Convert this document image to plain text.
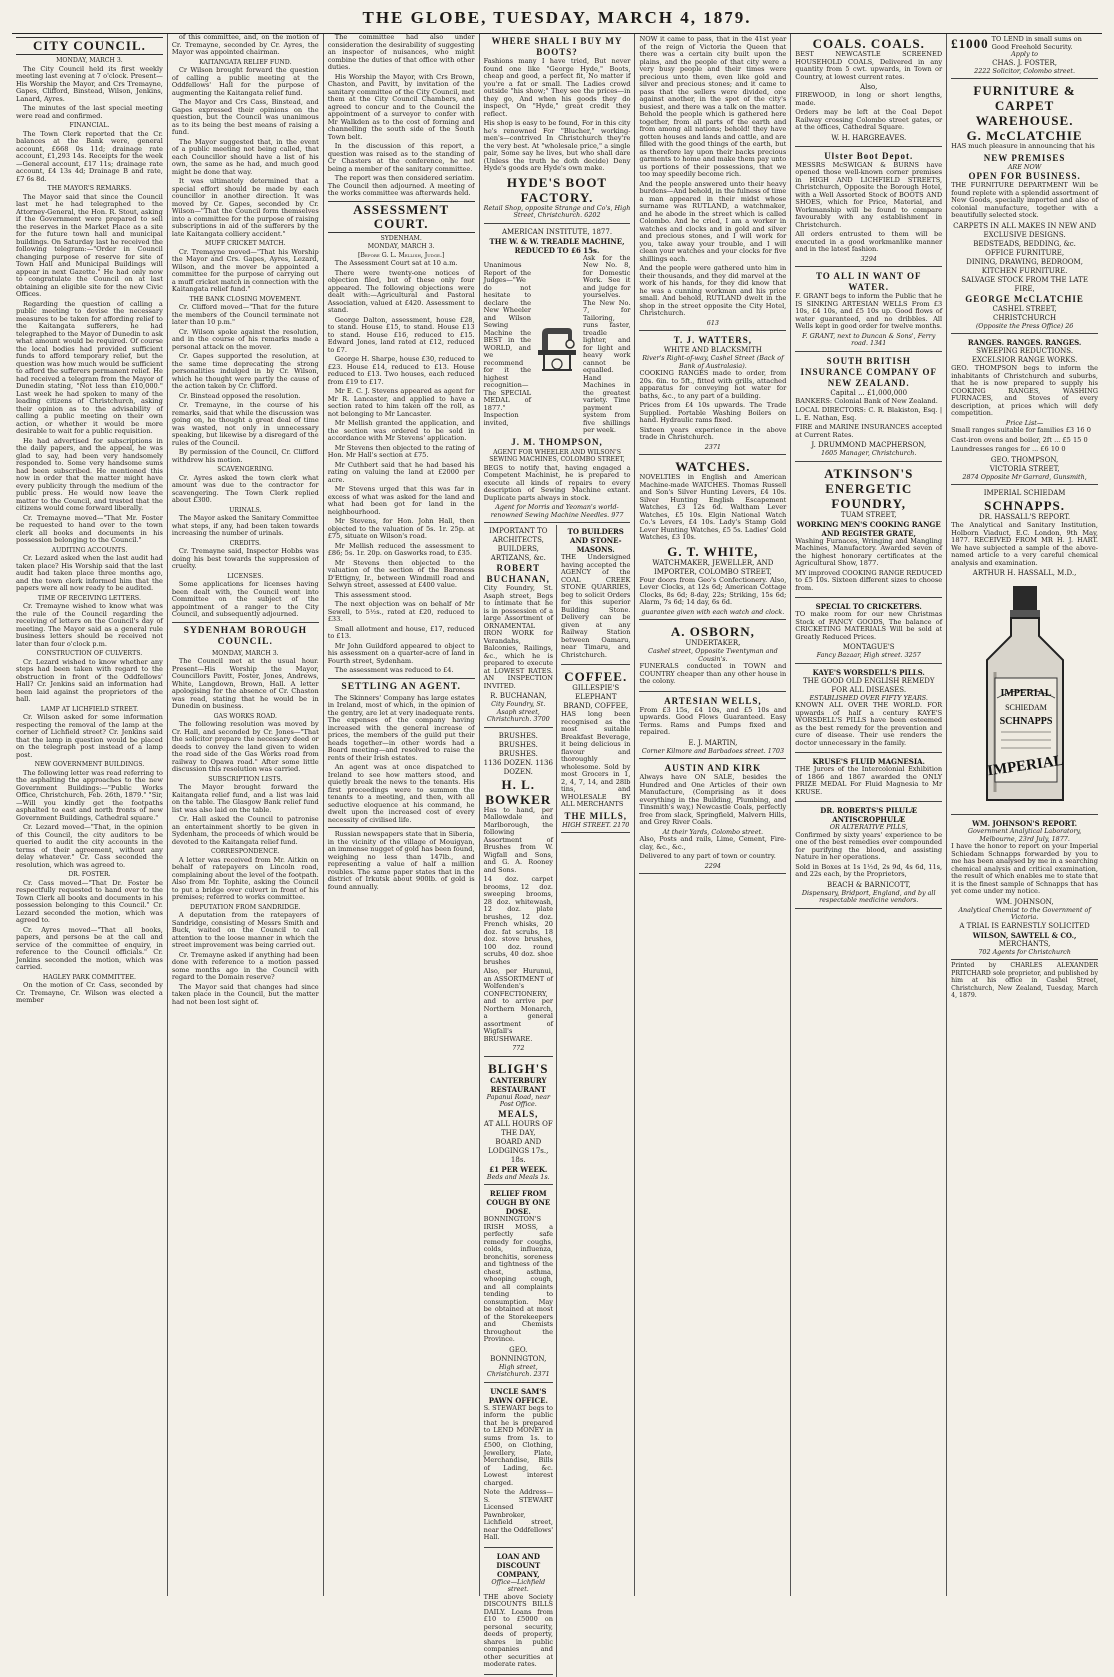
THE GLOBE, TUESDAY, MARCH 4, 1879.
CITY COUNCIL.
MONDAY, MARCH 3.

The City Council held its first weekly meeting last evening at 7 o'clock. Present—His Worship the Mayor, and Crs Tremayne, Gapes, Clifford, Binstead, Wilson, Jenkins, Lanard, Ayres.

The minutes of the last special meeting were read and confirmed.

FINANCIAL.

The Town Clerk reported that the Cr. balances at the Bank were, general account, £668 0s 11d; drainage rate account, £1,293 14s. Receipts for the week—General account, £17 11s; drainage rate account, £4 13s 4d; Drainage B and rate, £7 6s 8d.

THE MAYOR'S REMARKS.

The Mayor said that since the Council last met he had telegraphed to the Attorney-General, the Hon. R. Stout, asking if the Government were prepared to sell the reserves in the Market Place as a site for the future town hall and municipal buildings. On Saturday last he received the following telegram:—"Order in Council changing purpose of reserve for site of Town Hall and Municipal Buildings will appear in next Gazette." He had only now to congratulate the Council on at last obtaining an eligible site for the new Civic Offices.

Regarding the question of calling a public meeting to devise the necessary measures to be taken for affording relief to the Kaitangata sufferers, he had telegraphed to the Mayor of Dunedin to ask what amount would be required. Of course the local bodies had provided sufficient funds to afford temporary relief, but the question was how much would be sufficient to afford the sufferers permanent relief. He had received a telegram from the Mayor of Dunedin stating, "Not less than £10,000." Last week he had spoken to many of the leading citizens of Christchurch, asking their opinion as to the advisability of calling a public meeting on their own action, or whether it would be more desirable to wait for a public requisition.

He had advertised for subscriptions in the daily papers, and the appeal, he was glad to say, had been very handsomely responded to. Some very handsome sums had been subscribed. He mentioned this now in order that the matter might have every publicity through the medium of the public press. He would now leave the matter to the Council, and trusted that the citizens would come forward liberally.

Cr. Tremayne moved—"That Mr. Foster be requested to hand over to the town clerk all books and documents in his possession belonging to the Council."

AUDITING ACCOUNTS.

Cr. Lezard asked when the last audit had taken place? His Worship said that the last audit had taken place three months ago, and the town clerk informed him that the papers were all now ready to be audited.

TIME OF RECEIVING LETTERS.

Cr. Tremayne wished to know what was the rule of the Council regarding the receiving of letters on the Council's day of meeting. The Mayor said as a general rule business letters should be received not later than four o'clock p.m.

CONSTRUCTION OF CULVERTS.

Cr. Lezard wished to know whether any steps had been taken with regard to the obstruction in front of the Oddfellows' Hall? Cr. Jenkins said an information had been laid against the proprietors of the hall.

LAMP AT LICHFIELD STREET.

Cr. Wilson asked for some information respecting the removal of the lamp at the corner of Lichfield street? Cr. Jenkins said that the lamp in question would be placed on the telegraph post instead of a lamp post.

NEW GOVERNMENT BUILDINGS.

The following letter was read referring to the asphalting the approaches to the new Government Buildings:—"Public Works Office, Christchurch, Feb. 26th, 1879." "Sir,—Will you kindly get the footpaths asphalted to east and north fronts of new Government Buildings, Cathedral square."

Cr. Lezard moved—"That, in the opinion of this Council, the city auditors to be queried to audit the city accounts in the terms of their agreement, without any delay whatever." Cr. Cass seconded the resolution, which was agreed to.

DR. FOSTER.

Cr. Cass moved—"That Dr. Foster be respectfully requested to hand over to the Town Clerk all books and documents in his possession belonging to this Council." Cr. Lezard seconded the motion, which was agreed to.

Cr. Ayres moved—"That all books, papers, and persons be at the call and service of the committee of enquiry, in reference to the Council officials." Cr. Jenkins seconded the motion, which was carried.

HAGLEY PARK COMMITTEE.

On the motion of Cr. Cass, seconded by Cr. Tremayne, Cr. Wilson was elected a member

of this committee, and, on the motion of Cr. Tremayne, seconded by Cr. Ayres, the Mayor was appointed chairman.

KAITANGATA RELIEF FUND.

Cr Wilson brought forward the question of calling a public meeting at the Oddfellows' Hall for the purpose of augmenting the Kaitangata relief fund.

The Mayor and Crs Cass, Binstead, and Gapes expressed their opinions on the question, but the Council was unanimous as to its being the best means of raising a fund.

The Mayor suggested that, in the event of a public meeting not being called, that each Councillor should have a list of his own, the same as he had, and much good might be done that way.

It was ultimately determined that a special effort should be made by each councillor in another direction. It was moved by Cr. Gapes, seconded by Cr. Wilson—"That the Council form themselves into a committee for the purpose of raising subscriptions in aid of the sufferers by the late Kaitangata colliery accident."

MUFF CRICKET MATCH.

Cr. Tremayne moved—"That his Worship the Mayor and Crs. Gapes, Ayres, Lezard, Wilson, and the mover be appointed a committee for the purpose of carrying out a muff cricket match in connection with the Kaitangata relief fund."

THE BANK CLOSING MOVEMENT.

Cr. Clifford moved—"That for the future the members of the Council terminate not later than 10 p.m."

Cr. Wilson spoke against the resolution, and in the course of his remarks made a personal attack on the mover.

Cr. Gapes supported the resolution, at the same time deprecating the strong personalities indulged in by Cr. Wilson, which he thought were partly the cause of the action taken by Cr. Clifford.

Cr. Binstead opposed the resolution.

Cr. Tremayne, in the course of his remarks, said that while the discussion was going on, he thought a great deal of time was wasted, not only in unnecessary speaking, but likewise by a disregard of the rules of the Council.

By permission of the Council, Cr. Clifford withdrew his motion.

SCAVENGERING.

Cr. Ayres asked the town clerk what amount was due to the contractor for scavengering. The Town Clerk replied about £300.

URINALS.

The Mayor asked the Sanitary Committee what steps, if any, had been taken towards increasing the number of urinals.

CREDITS.

Cr. Tremayne said, Inspector Hobbs was doing his best towards the suppression of cruelty.

LICENSES.

Some applications for licenses having been dealt with, the Council went into Committee on the subject of the appointment of a ranger to the City Council, and subsequently adjourned.

SYDENHAM BOROUGH COUNCIL.
MONDAY, MARCH 3.

The Council met at the usual hour. Present—His Worship the Mayor, Councillors Pavitt, Foster, Jones, Andrews, White, Langdown, Brown, Hall. A letter apologising for the absence of Cr. Chaston was read, stating that he would be in Dunedin on business.

GAS WORKS ROAD.

The following resolution was moved by Cr. Hall, and seconded by Cr. Jones—"That the solicitor prepare the necessary deed or deeds to convey the land given to widen the road side of the Gas Works road from railway to Opawa road." After some little discussion this resolution was carried.

SUBSCRIPTION LISTS.

The Mayor brought forward the Kaitangata relief fund, and a list was laid on the table. The Glasgow Bank relief fund list was also laid on the table.

Cr. Hall asked the Council to patronise an entertainment shortly to be given in Sydenham, the proceeds of which would be devoted to the Kaitangata relief fund.

CORRESPONDENCE.

A letter was received from Mr. Aitkin on behalf of ratepayers on Lincoln road, complaining about the level of the footpath. Also from Mr. Tophite, asking the Council to put a bridge over culvert in front of his premises; referred to works committee.

DEPUTATION FROM SANDRIDGE.

A deputation from the ratepayers of Sandridge, consisting of Messrs Smith and Buck, waited on the Council to call attention to the loose manner in which the street improvement was being carried out.

Cr. Tremayne asked if anything had been done with reference to a motion passed some months ago in the Council with regard to the Domain reserve?

The Mayor said that changes had since taken place in the Council, but the matter had not been lost sight of.

The committee had also under consideration the desirability of suggesting an inspector of nuisances, who might combine the duties of that office with other duties.

His Worship the Mayor, with Crs Brown, Chaston, and Pavitt, by invitation of the sanitary committee of the City Council, met them at the City Council Chambers, and agreed to concur and to the Council the appointment of a surveyor to confer with Mr Walkden as to the cost of forming and channelling the south side of the South Town belt.

In the discussion of this report, a question was raised as to the standing of Cr Chasters at the conference, he not being a member of the sanitary committee.

The report was then considered seriatim. The Council then adjourned. A meeting of the works committee was afterwards held.

ASSESSMENT COURT.
SYDENHAM.
MONDAY, MARCH 3.
[Before G. L. Mellish, Judge.]

The Assessment Court sat at 10 a.m.

There were twenty-one notices of objection filed, but of these only four appeared. The following objections were dealt with:—Agricultural and Pastoral Association, valued at £420. Assessment to stand.

George Dalton, assessment, house £28, to stand. House £15, to stand. House £13 to stand. House £16, reduced to £15. Edward Jones, land rated at £12, reduced to £7.

George H. Sharpe, house £30, reduced to £23. House £14, reduced to £13. House reduced to £13. Two houses, each reduced from £19 to £17.

Mr E. C. J. Stevens appeared as agent for Mr R. Lancaster, and applied to have a section rated to him taken off the roll, as not belonging to Mr Lancaster.

Mr Mellish granted the application, and the section was ordered to be sold in accordance with Mr Stevens' application.

Mr Stevens then objected to the rating of Hon. Mr Hall's section at £75.

Mr Cuthbert said that he had based his rating on valuing the land at £2000 per acre.

Mr Stevens urged that this was far in excess of what was asked for the land and what had been got for land in the neighbourhood.

Mr Stevens, for Hon. John Hall, then objected to the valuation of 5s. 1r. 25p. at £75, situate on Wilson's road.

Mr Mellish reduced the assessment to £86; 5s. 1r. 20p. on Gasworks road, to £35.

Mr Stevens then objected to the valuation of the section of the Baroness D'Ettigny, Ir., between Windmill road and Selwyn street, assessed at £400 value.

This assessment stood.

The next objection was on behalf of Mr Sewell, to 5½s., rated at £20, reduced to £33.

Small allotment and house, £17, reduced to £13.

Mr John Guildford appeared to object to his assessment on a quarter-acre of land in Fourth street, Sydenham.

The assessment was reduced to £4.

SETTLING AN AGENT.

The Skinners' Company has large estates in Ireland, most of which, in the opinion of the gentry, are let at very inadequate rents. The expenses of the company having increased with the general increase of prices, the members of the guild put their heads together—in other words had a Board meeting—and resolved to raise the rents of their Irish estates.

An agent was at once dispatched to Ireland to see how matters stood, and quietly break the news to the tenants. His first proceedings were to summon the tenants to a meeting, and then, with all seductive eloquence at his command, he dwelt upon the increased cost of every necessity of civilised life.

Russian newspapers state that in Siberia, in the vicinity of the village of Mouigyan, an immense nugget of gold has been found, weighing no less than 147lb., and representing a value of half a million roubles. The same paper states that in the district of Irkutsk about 900lb. of gold is found annually.

WHERE SHALL I BUY MY BOOTS?

Fashions many I have tried, But never found one like "George Hyde," Boots, cheap and good, a perfect fit, No matter if you're a fat or small. The Ladies crowd outside "his show;" They see the prices—in they go, And when his goods they do inspect, On "Hyde," great credit they reflect.

His shop is easy to be found, For in this city he's renowned For "Blucher," working-men's—contrived In Christchurch they're the very best. At "wholesale price," a single pair, Some say he lives, but who shall dare (Unless the truth he doth decide) Deny Hyde's goods are Hyde's own make.

HYDE'S BOOT FACTORY.
Retail Shop, opposite Strange and Co's, High Street, Christchurch. 6202
AMERICAN INSTITUTE, 1877.
THE W. & W. TREADLE MACHINE, REDUCED TO £6 15s.

Unanimous Report of the Judges—"We do not hesitate to declare the New Wheeler and Wilson Sewing Machine the BEST in the WORLD, and we recommend for it the highest recognition—The SPECIAL MEDAL of 1877." Inspection invited,

Ask for the New No. 8, for Domestic Work. See it and judge for yourselves. The New No. 7, for Tailoring, runs faster, treadle lighter, and for light and heavy work cannot be equalled. Hand Machines in the greatest variety. Time payment system from five shillings per week.

J. M. THOMPSON,
AGENT FOR WHEELER AND WILSON'S SEWING MACHINES, COLOMBO STREET,

BEGS to notify that, having engaged a Competent Machinist, he is prepared to execute all kinds of repairs to every description of Sewing Machine extant. Duplicate parts always in stock.

Agent for Morris and Yeoman's world-renowned Sewing Machine Needles. 977
IMPORTANT TO ARCHITECTS, BUILDERS, ARTIZANS, &c.
ROBERT BUCHANAN,

City Foundry, St. Asaph street, Begs to intimate that he is in possession of a large Assortment of ORNAMENTAL IRON WORK for Verandahs, Balconies, Railings, &c., which he is prepared to execute at LOWEST RATES. AN INSPECTION INVITED.

R. BUCHANAN,
City Foundry, St. Asaph street, Christchurch. 3700
BRUSHES. BRUSHES. BRUSHES.
1136 DOZEN. 1136 DOZEN.
H. L. BOWKER

Has to hand, per Mallowdale and Marlborough, the following Assortment of Brushes from W. Wigfall and Sons, and G. A. Rooney and Sons.

14 doz. carpet brooms, 12 doz. sweeping brooms, 28 doz. whitewash, 12 doz. plate brushes, 12 doz. French whisks, 20 doz. fat scrubs, 18 doz. stove brushes, 100 doz. round scrubs, 40 doz. shoe brushes

Also, per Hurunui, an ASSORTMENT of Wolfenden's CONFECTIONERY, and to arrive per Northern Monarch, a general assortment of Wigfall's BRUSHWARE.

772
BLIGH'S
CANTERBURY RESTAURANT
Papanui Road, near Post Office.
MEALS,
AT ALL HOURS OF THE DAY,
BOARD AND LODGINGS 17s., 18s.
£1 PER WEEK.
Beds and Meals 1s.
RELIEF FROM COUGH BY ONE DOSE.

BONNINGTON'S IRISH MOSS, a perfectly safe remedy for coughs, colds, influenza, bronchitis, soreness and tightness of the chest, asthma, whooping cough, and all complaints tending to consumption. May be obtained at most of the Storekeepers and Chemists throughout the Province.

GEO. BONNINGTON,
High street, Christchurch. 2371
UNCLE SAM'S PAWN OFFICE.

S. STEWART begs to inform the public that he is prepared to LEND MONEY in sums from 1s. to £500, on Clothing, Jewellery, Plate, Merchandise, Bills of Lading, &c. Lowest interest charged.

Note the Address—S. STEWART Licensed Pawnbroker, Lichfield street, near the Oddfellows' Hall.

LOAN AND DISCOUNT COMPANY,
Office—Lichfield street.

THE above Society DISCOUNTS BILLS DAILY. Loans from £10 to £5000 on personal security, deeds of property, shares in public companies and other securities at moderate rates.

TO BUILDERS AND STONE-MASONS.

THE Undersigned having accepted the AGENCY of the COAL CREEK STONE QUARRIES, beg to solicit Orders for this superior Building Stone. Delivery can be given at any Railway Station between Oamaru, near Timaru, and Christchurch.

COFFEE.
GILLESPIE'S ELEPHANT BRAND, COFFEE,

HAS long been recognised as the most suitable Breakfast Beverage, it being delicious in flavour and thoroughly wholesome. Sold by most Grocers in 1, 2, 4, 7, 14, and 28lb tins, and WHOLESALE BY ALL MERCHANTS

THE MILLS,
HIGH STREET. 2170

NOW it came to pass, that in the 41st year of the reign of Victoria the Queen that there was a certain city built upon the plains, and the people of that city were a very busy people and their times were precious unto them, even like gold and silver and precious stones; and it came to pass that the sellers were divided, one against another, in the spot of the city's busiest, and there was a talk on the matter. Behold the people which is gathered here together, from all parts of the earth and from among all nations; behold! they have gotten houses and lands and cattle, and are filled with the good things of the earth, but as therefore lay upon their backs precious garments to home and make them pay unto us portions of their possessions, that we too may speedily become rich.

And the people answered unto their heavy burdens—And behold, in the fulness of time a man appeared in their midst whose surname was RUTLAND, a watchmaker, and he abode in the street which is called Colombo. And he cried, I am a worker in watches and clocks and in gold and silver and precious stones, and I will work for you, take away your trouble, and I will clean your watches and your clocks for five shillings each.

And the people were gathered unto him in their thousands, and they did marvel at the work of his hands, for they did know that he was a cunning workman and his price small. And behold, RUTLAND dwelt in the shop in the street opposite the City Hotel, Christchurch.

613
T. J. WATTERS,
WHITE AND BLACKSMITH
River's Right-of-way, Cashel Street (Back of Bank of Australasia).

COOKING RANGES made to order, from 20s. 6in. to 5ft., fitted with grills, attached apparatus for conveying hot water for baths, &c., to any part of a building.

Prices from £4 10s upwards. The Trade Supplied. Portable Washing Boilers on hand. Hydraulic rams fixed.

Sixteen years experience in the above trade in Christchurch.

2371
WATCHES.

NOVELTIES in English and American Machine-made WATCHES. Thomas Russell and Son's Silver Hunting Levers, £4 10s. Silver Hunting English Escapement Watches, £3 12s 6d. Waltham Lever Watches, £5 10s. Elgin National Watch Co.'s Levers, £4 10s. Lady's Stamp Gold Lever Hunting Watches, £5 5s. Ladies' Gold Watches, £3 10s.

G. T. WHITE,
WATCHMAKER, JEWELLER, AND IMPORTER, COLOMBO STREET,

Four doors from Geo's Confectionery. Also, Lever Clocks, at 12s 6d; American Cottage Clocks, 8s 6d; 8-day, 22s; Striking, 15s 6d; Alarm, 7s 6d; 14 day, 6s 6d.

guarantee given with each watch and clock.
A. OSBORN,
UNDERTAKER,
Cashel street, Opposite Twentyman and Cousin's.

FUNERALS conducted in TOWN and COUNTRY cheaper than any other house in the colony.

ARTESIAN WELLS,

From £3 15s, £4 10s, and £5 10s and upwards. Good Flows Guaranteed. Easy Terms. Rams and Pumps fixed and repaired.

E. J. MARTIN,
Corner Kilmore and Barbadoes street. 1703
AUSTIN AND KIRK

Always have ON SALE, besides the Hundred and One Articles of their own Manufacture, (Comprising as it does everything in the Building, Plumbing, and Tinsmith's way,) Newcastle Coals, perfectly free from slack, Springfield, Malvern Hills, and Grey River Coals.

At their Yards, Colombo street.

Also, Posts and rails, Lime, Cement, Fire-clay, &c., &c.,

Delivered to any part of town or country.

2294
COALS. COALS.

BEST NEWCASTLE SCREENED HOUSEHOLD COALS, Delivered in any quantity from 5 cwt. upwards, in Town or Country, at lowest current rates.

Also,

FIREWOOD, in long or short lengths, made.

Orders may be left at the Coal Depot Railway crossing Colombo street gates, or at the offices, Cathedral Square.

W. H. HARGREAVES.
Ulster Boot Depot.

MESSRS McSWIGAN & BURNS have opened those well-known corner premises in HIGH AND LICHFIELD STREETS, Christchurch, Opposite the Borough Hotel, with a Well Assorted Stock of BOOTS AND SHOES, which for Price, Material, and Workmanship will be found to compare favourably with any establishment in Christchurch.

All orders entrusted to them will be executed in a good workmanlike manner and in the latest fashion.

3294
TO ALL IN WANT OF WATER.

F. GRANT begs to inform the Public that he IS SINKING ARTESIAN WELLS From £3 10s, £4 10s, and £5 10s up. Good flows of water guaranteed, and no dribbles. All Wells kept in good order for twelve months.

F. GRANT, next to Duncan & Sons', Ferry road. 1341
SOUTH BRITISH INSURANCE COMPANY OF NEW ZEALAND.
Capital ... £1,000,000

BANKERS: Colonial Bank of New Zealand.

LOCAL DIRECTORS: C. R. Blakiston, Esq. | L. E. Nathan, Esq.

FIRE and MARINE INSURANCES accepted at Current Rates.

J. DRUMMOND MACPHERSON,
1605 Manager, Christchurch.
ATKINSON'S ENERGETIC FOUNDRY,
TUAM STREET,
WORKING MEN'S COOKING RANGE AND REGISTER GRATE,

Washing Furnaces, Wringing and Mangling Machines, Manufactory. Awarded seven of the highest honorary certificates at the Agricultural Show, 1877.

MY improved COOKING RANGE REDUCED to £5 10s. Sixteen different sizes to choose from.

SPECIAL TO CRICKETERS.

TO make room for our new Christmas Stock of FANCY GOODS, The balance of CRICKETING MATERIALS Will be sold at Greatly Reduced Prices.

MONTAGUE'S
Fancy Bazaar, High street. 3257
KAYE'S WORSDELL'S PILLS.
THE GOOD OLD ENGLISH REMEDY FOR ALL DISEASES.
ESTABLISHED OVER FIFTY YEARS.

KNOWN ALL OVER THE WORLD. FOR upwards of half a century KAYE'S WORSDELL'S PILLS have been esteemed as the best remedy for the prevention and cure of disease. Their use renders the doctor unnecessary in the family.

KRUSE'S FLUID MAGNESIA.

THE Jurors of the Intercolonial Exhibition of 1866 and 1867 awarded the ONLY PRIZE MEDAL For Fluid Magnesia to Mr KRUSE.

DR. ROBERTS'S PILULÆ ANTISCROPHULÆ
OR ALTERATIVE PILLS,

Confirmed by sixty years' experience to be one of the best remedies ever compounded for purifying the blood, and assisting Nature in her operations.

Sold in Boxes at 1s 1½d, 2s 9d, 4s 6d, 11s, and 22s each, by the Proprietors,

BEACH & BARNICOTT,
Dispensary, Bridport, England, and by all respectable medicine vendors.
£1000 TO LEND in small sums on Good Freehold Security.
Apply to
CHAS. J. FOSTER,
2222 Solicitor, Colombo street.
FURNITURE & CARPET WAREHOUSE.
G. McCLATCHIE

HAS much pleasure in announcing that his

NEW PREMISES
ARE NOW
OPEN FOR BUSINESS.

THE FURNITURE DEPARTMENT Will be found replete with a splendid assortment of New Goods, specially imported and also of colonial manufacture, together with a beautifully selected stock.

CARPETS IN ALL MAKES IN NEW AND EXCLUSIVE DESIGNS.
BEDSTEADS, BEDDING, &c.
OFFICE FURNITURE,
DINING, DRAWING, BEDROOM,
KITCHEN FURNITURE.
SALVAGE STOCK FROM THE LATE FIRE,
GEORGE McCLATCHIE
CASHEL STREET,
CHRISTCHURCH
(Opposite the Press Office) 26
RANGES. RANGES. RANGES.
SWEEPING REDUCTIONS.
EXCELSIOR RANGE WORKS.

GEO. THOMPSON begs to inform the inhabitants of Christchurch and suburbs, that he is now prepared to supply his COOKING RANGES, WASHING FURNACES, and Stoves of every description, at prices which will defy competition.

Price List—

Small ranges suitable for families £3 16 0

Cast-iron ovens and boiler, 2ft ... £5 15 0

Laundresses ranges for ... £6 10 0

GEO. THOMPSON,
VICTORIA STREET,
2874 Opposite Mr Garrard, Gunsmith,
IMPERIAL SCHIEDAM
SCHNAPPS.
DR. HASSALL'S REPORT.

The Analytical and Sanitary Institution, Holborn Viaduct, E.C. London, 9th May, 1877. RECEIVED FROM MR H. J. HART. We have subjected a sample of the above-named article to a very careful chemical analysis and examination.

ARTHUR H. HASSALL, M.D.,
IMPERIAL
SCHIEDAM
SCHNAPPS
IMPERIAL
WM. JOHNSON'S REPORT.
Government Analytical Laboratory, Melbourne, 23rd July, 1877.

I have the honor to report on your Imperial Schiedam Schnapps forwarded by you to me has been analysed by me in a searching chemical analysis and critical examination, the result of which enables me to state that it is the finest sample of Schnapps that has yet come under my notice.

WM. JOHNSON,
Analytical Chemist to the Government of Victoria.
A TRIAL IS EARNESTLY SOLICITED
WILSON, SAWTELL & CO.,
MERCHANTS,
702 Agents for Christchurch

Printed by CHARLES ALEXANDER PRITCHARD sole proprietor, and published by him at his office in Cashel Street, Christchurch, New Zealand, Tuesday, March 4, 1879.
